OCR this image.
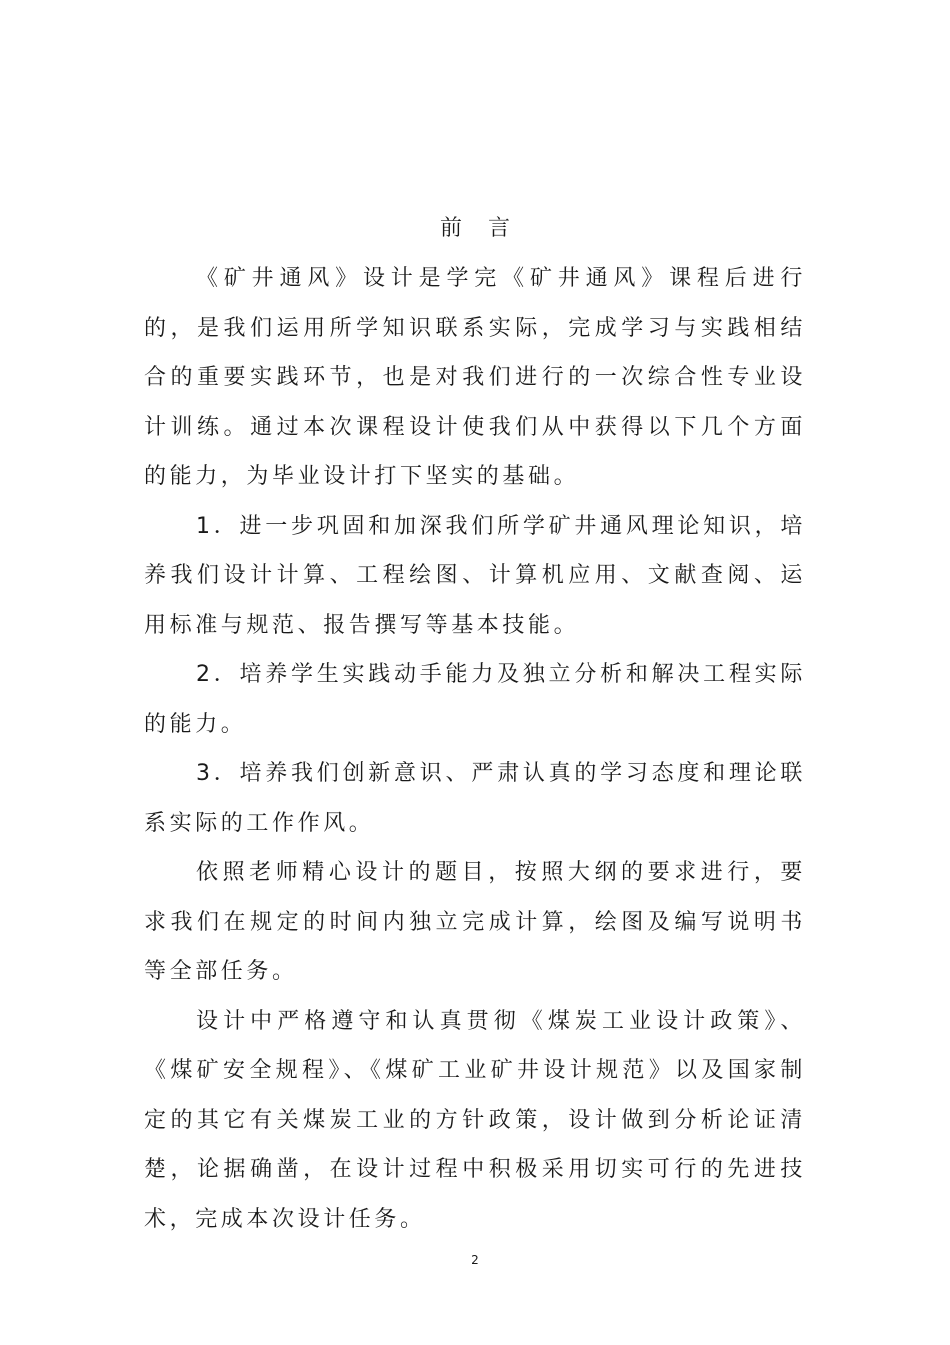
前言

《矿井通风》设计是学完《矿井通风》课程后进行的，是我们运用所学知识联系实际，完成学习与实践相结合的重要实践环节，也是对我们进行的一次综合性专业设计训练。通过本次课程设计使我们从中获得以下几个方面的能力，为毕业设计打下坚实的基础。

1．进一步巩固和加深我们所学矿井通风理论知识，培养我们设计计算、工程绘图、计算机应用、文献查阅、运用标准与规范、报告撰写等基本技能。

2．培养学生实践动手能力及独立分析和解决工程实际的能力。

3．培养我们创新意识、严肃认真的学习态度和理论联系实际的工作作风。

依照老师精心设计的题目，按照大纲的要求进行，要求我们在规定的时间内独立完成计算，绘图及编写说明书等全部任务。

设计中严格遵守和认真贯彻《煤炭工业设计政策》、《煤矿安全规程》、《煤矿工业矿井设计规范》以及国家制定的其它有关煤炭工业的方针政策，设计做到分析论证清楚，论据确凿，在设计过程中积极采用切实可行的先进技术，完成本次设计任务。

2
